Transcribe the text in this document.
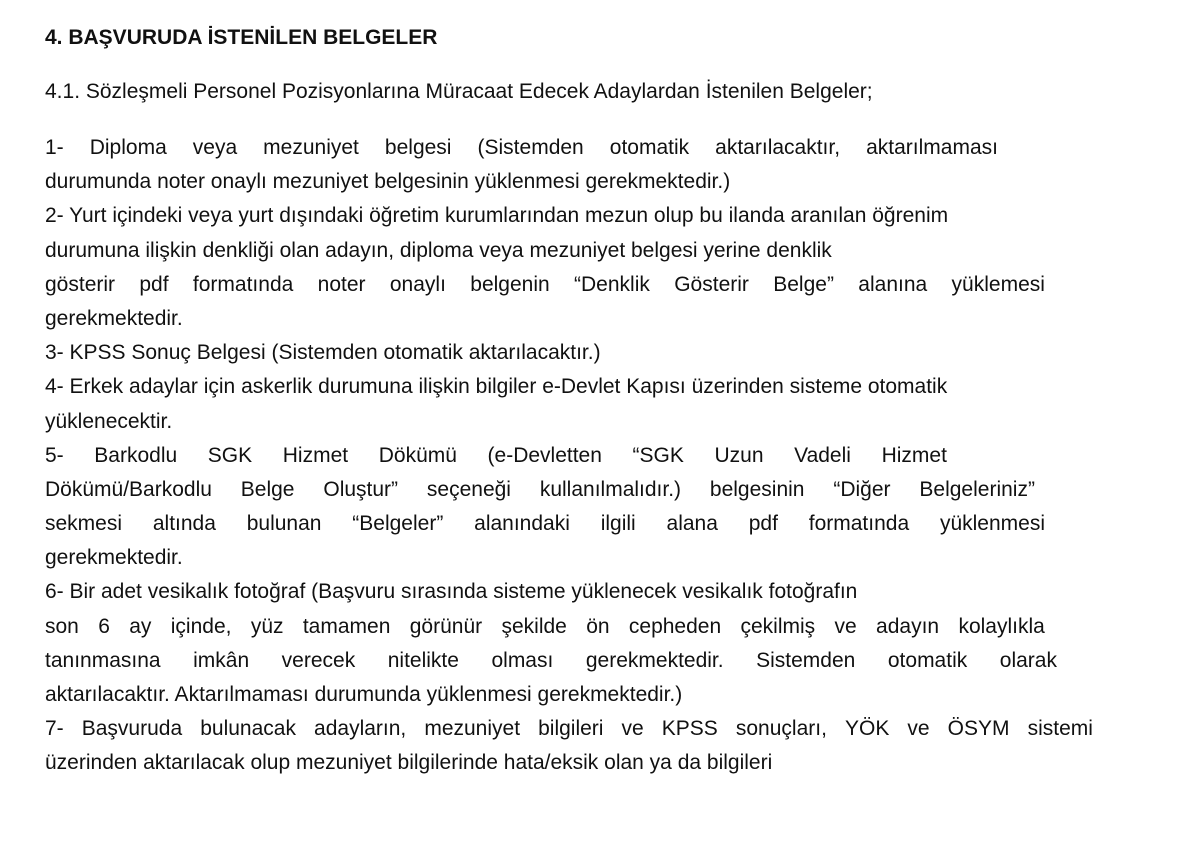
4. BAŞVURUDA İSTENİLEN BELGELER
4.1. Sözleşmeli Personel Pozisyonlarına Müracaat Edecek Adaylardan İstenilen Belgeler;
1- Diploma veya mezuniyet belgesi (Sistemden otomatik aktarılacaktır, aktarılmaması
durumunda noter onaylı mezuniyet belgesinin yüklenmesi gerekmektedir.)
2- Yurt içindeki veya yurt dışındaki öğretim kurumlarından mezun olup bu ilanda aranılan öğrenim
durumuna ilişkin denkliği olan adayın, diploma veya mezuniyet belgesi yerine denklik
gösterir pdf formatında noter onaylı belgenin “Denklik Gösterir Belge” alanına yüklemesi
gerekmektedir.
3- KPSS Sonuç Belgesi (Sistemden otomatik aktarılacaktır.)
4- Erkek adaylar için askerlik durumuna ilişkin bilgiler e-Devlet Kapısı üzerinden sisteme otomatik
yüklenecektir.
5- Barkodlu SGK Hizmet Dökümü (e-Devletten “SGK Uzun Vadeli Hizmet
Dökümü/Barkodlu Belge Oluştur” seçeneği kullanılmalıdır.) belgesinin “Diğer Belgeleriniz”
sekmesi altında bulunan “Belgeler” alanındaki ilgili alana pdf formatında yüklenmesi
gerekmektedir.
6- Bir adet vesikalık fotoğraf (Başvuru sırasında sisteme yüklenecek vesikalık fotoğrafın
son 6 ay içinde, yüz tamamen görünür şekilde ön cepheden çekilmiş ve adayın kolaylıkla
tanınmasına imkân verecek nitelikte olması gerekmektedir. Sistemden otomatik olarak
aktarılacaktır. Aktarılmaması durumunda yüklenmesi gerekmektedir.)
7- Başvuruda bulunacak adayların, mezuniyet bilgileri ve KPSS sonuçları, YÖK ve ÖSYM sistemi
üzerinden aktarılacak olup mezuniyet bilgilerinde hata/eksik olan ya da bilgileri
